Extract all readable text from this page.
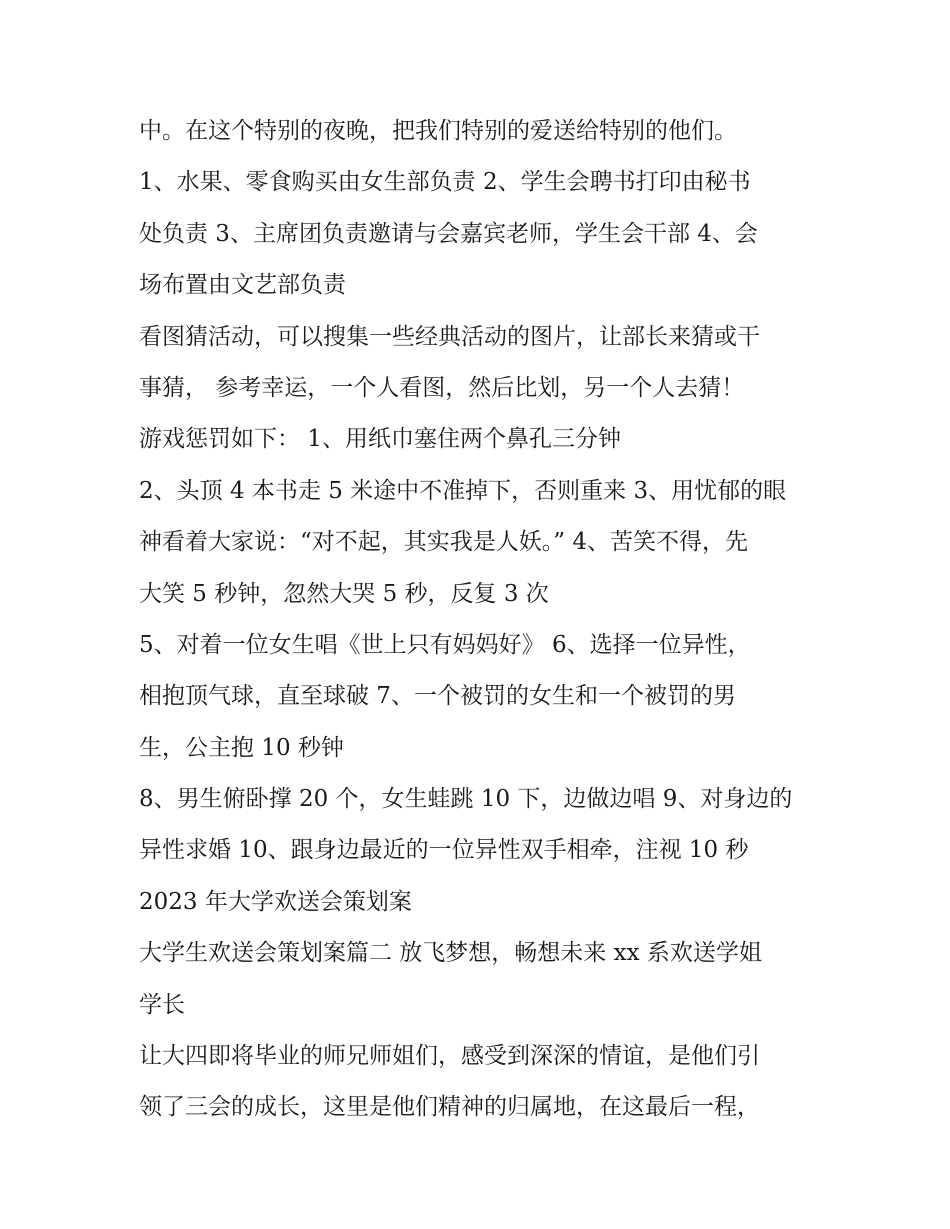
中。在这个特别的夜晚，把我们特别的爱送给特别的他们。
1、水果、零食购买由女生部负责 2、学生会聘书打印由秘书
处负责 3、主席团负责邀请与会嘉宾老师，学生会干部 4、会
场布置由文艺部负责
看图猜活动，可以搜集一些经典活动的图片，让部长来猜或干
事猜， 参考幸运，一个人看图，然后比划，另一个人去猜！
游戏惩罚如下： 1、用纸巾塞住两个鼻孔三分钟
2、头顶 4 本书走 5 米途中不准掉下，否则重来 3、用忧郁的眼
神看着大家说：“对不起，其实我是人妖。” 4、苦笑不得，先
大笑 5 秒钟，忽然大哭 5 秒，反复 3 次
5、对着一位女生唱《世上只有妈妈好》 6、选择一位异性，
相抱顶气球，直至球破 7、一个被罚的女生和一个被罚的男
生，公主抱 10 秒钟
8、男生俯卧撑 20 个，女生蛙跳 10 下，边做边唱 9、对身边的
异性求婚 10、跟身边最近的一位异性双手相牵，注视 10 秒
2023 年大学欢送会策划案
大学生欢送会策划案篇二 放飞梦想，畅想未来 xx 系欢送学姐
学长
让大四即将毕业的师兄师姐们，感受到深深的情谊，是他们引
领了三会的成长，这里是他们精神的归属地，在这最后一程，
